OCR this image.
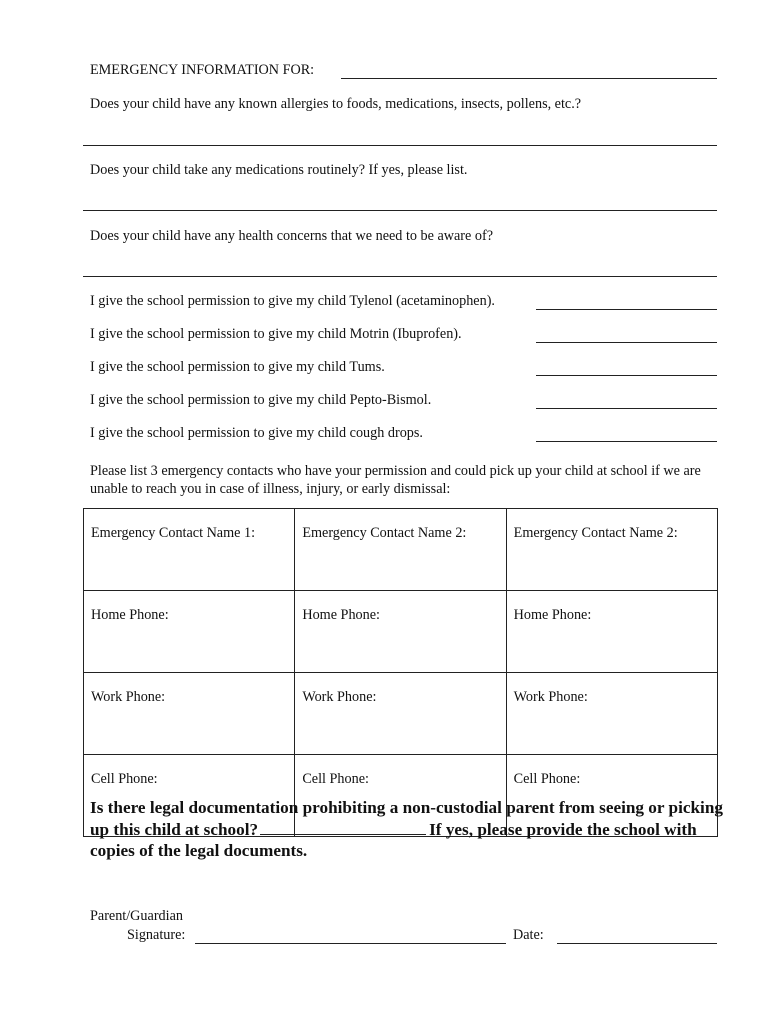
EMERGENCY INFORMATION FOR:
Does your child have any known allergies to foods, medications, insects, pollens, etc.?
Does your child take any medications routinely? If yes, please list.
Does your child have any health concerns that we need to be aware of?
I give the school permission to give my child Tylenol (acetaminophen).
I give the school permission to give my child Motrin (Ibuprofen).
I give the school permission to give my child Tums.
I give the school permission to give my child Pepto-Bismol.
I give the school permission to give my child cough drops.
Please list 3 emergency contacts who have your permission and could pick up your child at school if we are unable to reach you in case of illness, injury, or early dismissal:
Emergency Contact Name 1:	Emergency Contact Name 2:	Emergency Contact Name 2:
Home Phone:	Home Phone:	Home Phone:
Work Phone:	Work Phone:	Work Phone:
Cell Phone:	Cell Phone:	Cell Phone:
Is there legal documentation prohibiting a non-custodial parent from seeing or picking up this child at school?	If yes, please provide the school with copies of the legal documents.
Parent/Guardian
Signature:	Date:
